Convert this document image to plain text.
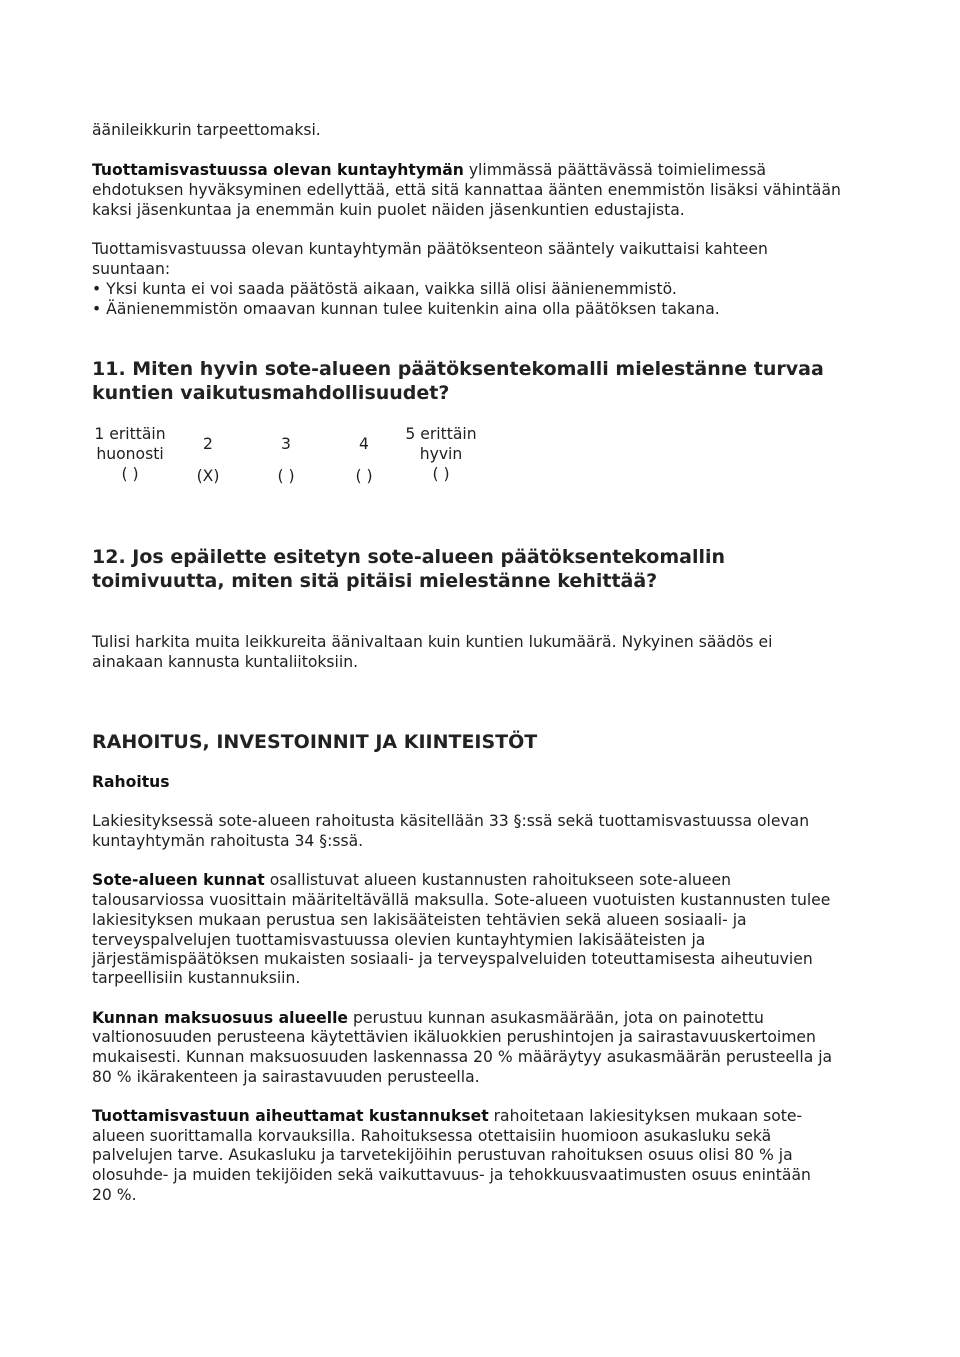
äänileikkurin tarpeettomaksi.
Tuottamisvastuussa olevan kuntayhtymän ylimmässä päättävässä toimielimessä
ehdotuksen hyväksyminen edellyttää, että sitä kannattaa äänten enemmistön lisäksi vähintään
kaksi jäsenkuntaa ja enemmän kuin puolet näiden jäsenkuntien edustajista.
Tuottamisvastuussa olevan kuntayhtymän päätöksenteon sääntely vaikuttaisi kahteen
suuntaan:
• Yksi kunta ei voi saada päätöstä aikaan, vaikka sillä olisi äänienemmistö.
• Äänienemmistön omaavan kunnan tulee kuitenkin aina olla päätöksen takana.
11. Miten hyvin sote-alueen päätöksentekomalli mielestänne turvaa
kuntien vaikutusmahdollisuudet?
1 erittäin
huonosti
( )
2
(X)
3
( )
4
( )
5 erittäin
hyvin
( )
12. Jos epäilette esitetyn sote-alueen päätöksentekomallin
toimivuutta, miten sitä pitäisi mielestänne kehittää?
Tulisi harkita muita leikkureita äänivaltaan kuin kuntien lukumäärä. Nykyinen säädös ei
ainakaan kannusta kuntaliitoksiin.
RAHOITUS, INVESTOINNIT JA KIINTEISTÖT
Rahoitus
Lakiesityksessä sote-alueen rahoitusta käsitellään 33 §:ssä sekä tuottamisvastuussa olevan
kuntayhtymän rahoitusta 34 §:ssä.
Sote-alueen kunnat osallistuvat alueen kustannusten rahoitukseen sote-alueen
talousarviossa vuosittain määriteltävällä maksulla. Sote-alueen vuotuisten kustannusten tulee
lakiesityksen mukaan perustua sen lakisääteisten tehtävien sekä alueen sosiaali- ja
terveyspalvelujen tuottamisvastuussa olevien kuntayhtymien lakisääteisten ja
järjestämispäätöksen mukaisten sosiaali- ja terveyspalveluiden toteuttamisesta aiheutuvien
tarpeellisiin kustannuksiin.
Kunnan maksuosuus alueelle perustuu kunnan asukasmäärään, jota on painotettu
valtionosuuden perusteena käytettävien ikäluokkien perushintojen ja sairastavuuskertoimen
mukaisesti. Kunnan maksuosuuden laskennassa 20 % määräytyy asukasmäärän perusteella ja
80 % ikärakenteen ja sairastavuuden perusteella.
Tuottamisvastuun aiheuttamat kustannukset rahoitetaan lakiesityksen mukaan sote-
alueen suorittamalla korvauksilla. Rahoituksessa otettaisiin huomioon asukasluku sekä
palvelujen tarve. Asukasluku ja tarvetekijöihin perustuvan rahoituksen osuus olisi 80 % ja
olosuhde- ja muiden tekijöiden sekä vaikuttavuus- ja tehokkuusvaatimusten osuus enintään
20 %.
